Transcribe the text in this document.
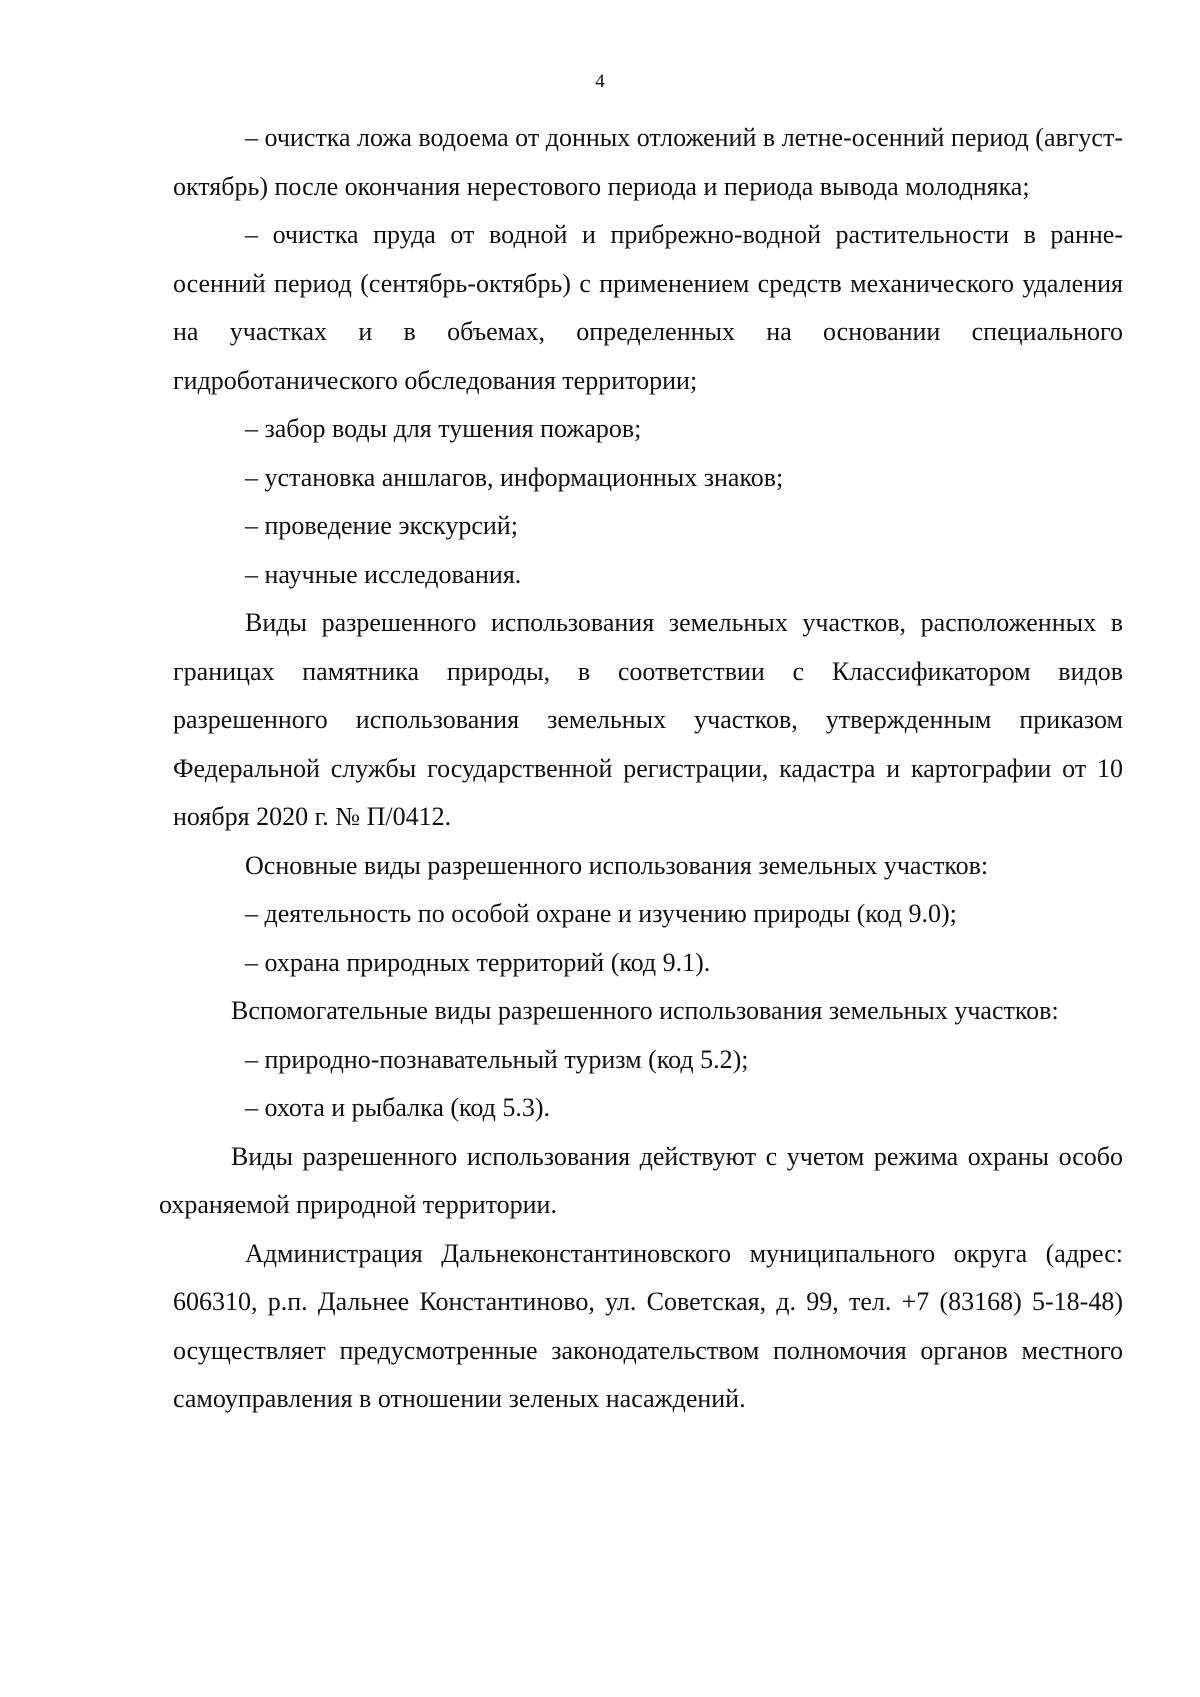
4

– очистка ложа водоема от донных отложений в летне-осенний период (август-октябрь) после окончания нерестового периода и периода вывода молодняка;

– очистка пруда от водной и прибрежно-водной растительности в ранне-осенний период (сентябрь-октябрь) с применением средств механического удаления на участках и в объемах, определенных на основании специального гидроботанического обследования территории;

– забор воды для тушения пожаров;

– установка аншлагов, информационных знаков;

– проведение экскурсий;

– научные исследования.

Виды разрешенного использования земельных участков, расположенных в границах памятника природы, в соответствии с Классификатором видов разрешенного использования земельных участков, утвержденным приказом Федеральной службы государственной регистрации, кадастра и картографии от 10 ноября 2020 г. № П/0412.

Основные виды разрешенного использования земельных участков:

– деятельность по особой охране и изучению природы (код 9.0);

– охрана природных территорий (код 9.1).

Вспомогательные виды разрешенного использования земельных участков:

– природно-познавательный туризм (код 5.2);

– охота и рыбалка (код 5.3).

Виды разрешенного использования действуют с учетом режима охраны особо охраняемой природной территории.

Администрация Дальнеконстантиновского муниципального округа (адрес: 606310, р.п. Дальнее Константиново, ул. Советская, д. 99, тел. +7 (83168) 5-18-48) осуществляет предусмотренные законодательством полномочия органов местного самоуправления в отношении зеленых насаждений.
